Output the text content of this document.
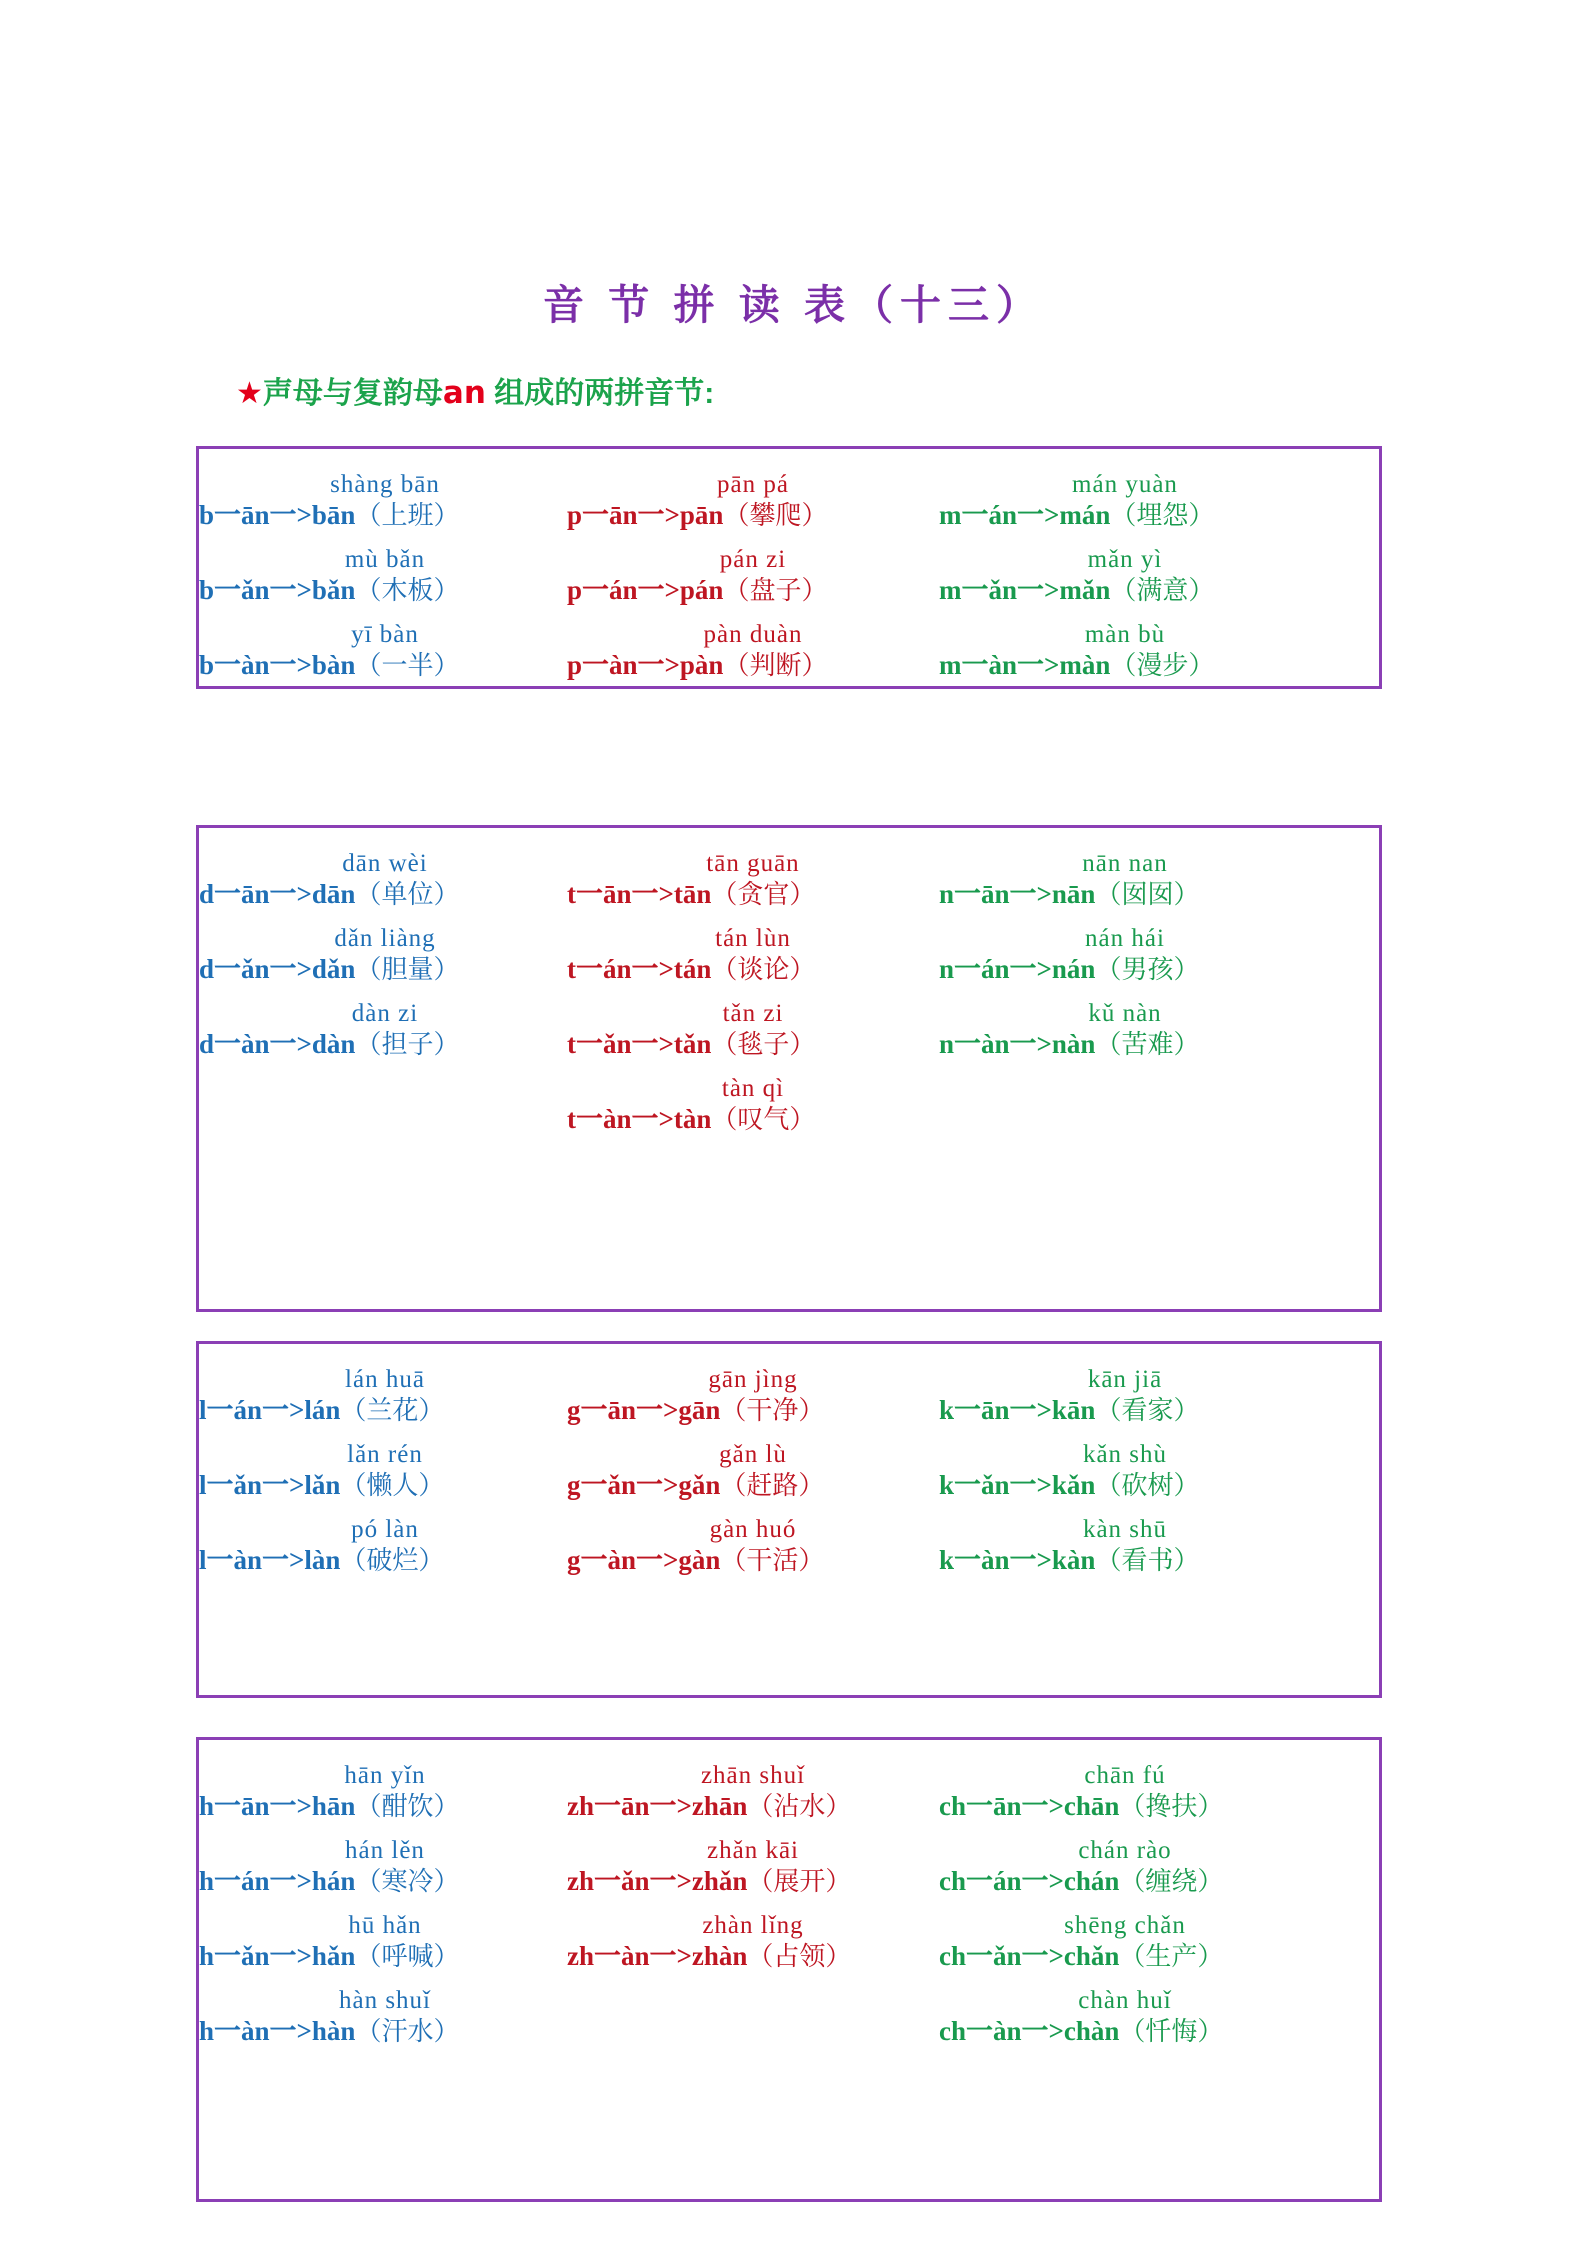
音 节 拼 读 表（十三）
★声母与复韵母an 组成的两拼音节:
shàng bān
b一ān一>bān（上班）
mù bǎn
b一ǎn一>bǎn（木板）
yī bàn
b一àn一>bàn（一半）
pān pá
p一ān一>pān（攀爬）
pán zi
p一án一>pán（盘子）
pàn duàn
p一àn一>pàn（判断）
mán yuàn
m一án一>mán（埋怨）
mǎn yì
m一ǎn一>mǎn（满意）
màn bù
m一àn一>màn（漫步）
dān wèi
d一ān一>dān（单位）
dǎn liàng
d一ǎn一>dǎn（胆量）
dàn zi
d一àn一>dàn（担子）
tān guān
t一ān一>tān（贪官）
tán lùn
t一án一>tán（谈论）
tǎn zi
t一ǎn一>tǎn（毯子）
tàn qì
t一àn一>tàn（叹气）
nān nan
n一ān一>nān（囡囡）
nán hái
n一án一>nán（男孩）
kǔ nàn
n一àn一>nàn（苦难）
lán huā
l一án一>lán（兰花）
lǎn rén
l一ǎn一>lǎn（懒人）
pó làn
l一àn一>làn（破烂）
gān jìng
g一ān一>gān（干净）
gǎn lù
g一ǎn一>gǎn（赶路）
gàn huó
g一àn一>gàn（干活）
kān jiā
k一ān一>kān（看家）
kǎn shù
k一ǎn一>kǎn（砍树）
kàn shū
k一àn一>kàn（看书）
hān yǐn
h一ān一>hān（酣饮）
hán lěn
h一án一>hán（寒冷）
hū hǎn
h一ǎn一>hǎn（呼喊）
hàn shuǐ
h一àn一>hàn（汗水）
zhān shuǐ
zh一ān一>zhān（沾水）
zhǎn kāi
zh一ǎn一>zhǎn（展开）
zhàn lǐng
zh一àn一>zhàn（占领）
chān fú
ch一ān一>chān（搀扶）
chán rào
ch一án一>chán（缠绕）
shēng chǎn
ch一ǎn一>chǎn（生产）
chàn huǐ
ch一àn一>chàn（忏悔）
